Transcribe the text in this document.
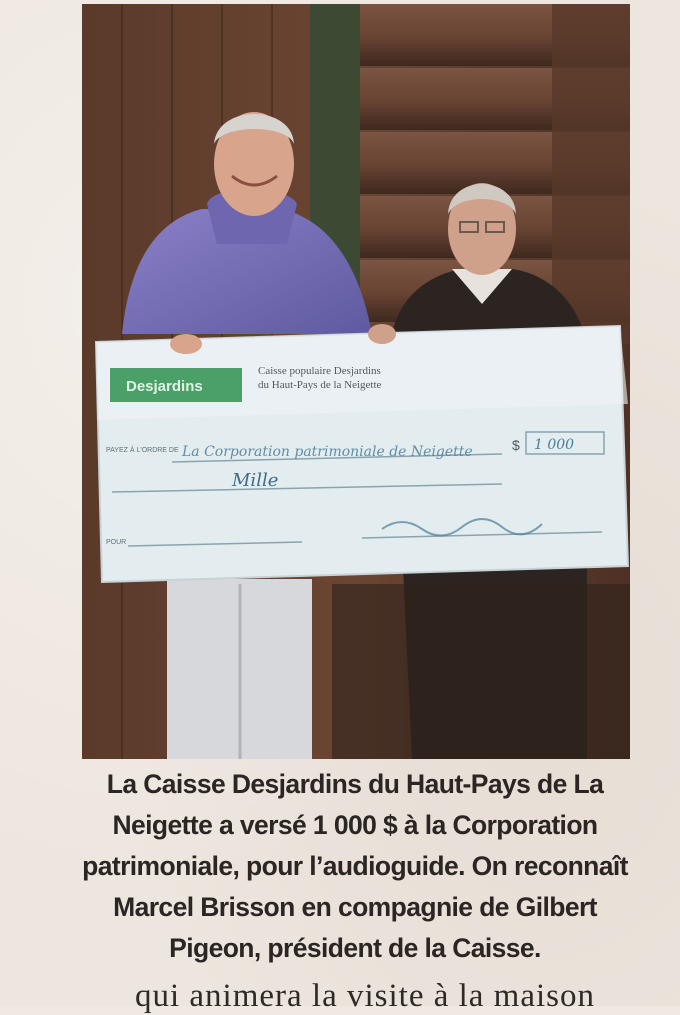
Desjardins
Caisse populaire Desjardins
du Haut-Pays de la Neigette
PAYEZ À L'ORDRE DE La Corporation patrimoniale de Neigette	$ 1 000
Mille
POUR
La Caisse Desjardins du Haut-Pays de La
Neigette a versé 1 000 $ à la Corporation
patrimoniale, pour l’audioguide. On reconnaît
Marcel Brisson en compagnie de Gilbert
Pigeon, président de la Caisse.
qui animera la visite à la maison
